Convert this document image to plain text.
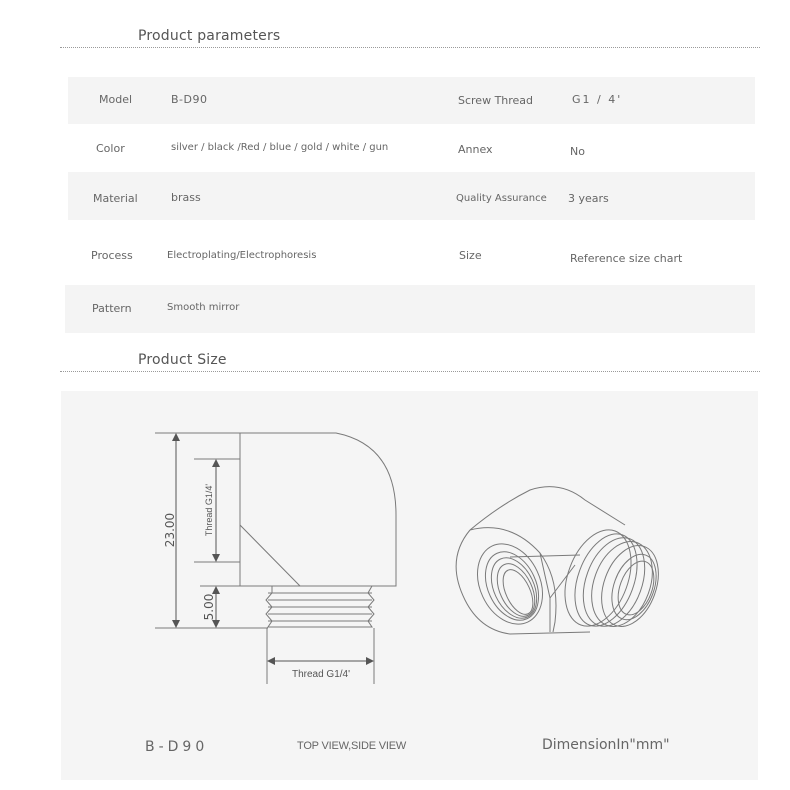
Product parameters
Model	B-D90	Screw Thread	G1 / 4'
Color	silver / black /Red / blue / gold / white / gun	Annex	No
Material	brass	Quality Assurance 3 years
Process	Electroplating/Electrophoresis	Size	Reference size chart
Pattern	Smooth mirror
Product Size
23.00	Thread G1/4'
5.00
Thread G1/4'
B-D90	TOP VIEW,SIDE VIEW	DimensionIn"mm"
